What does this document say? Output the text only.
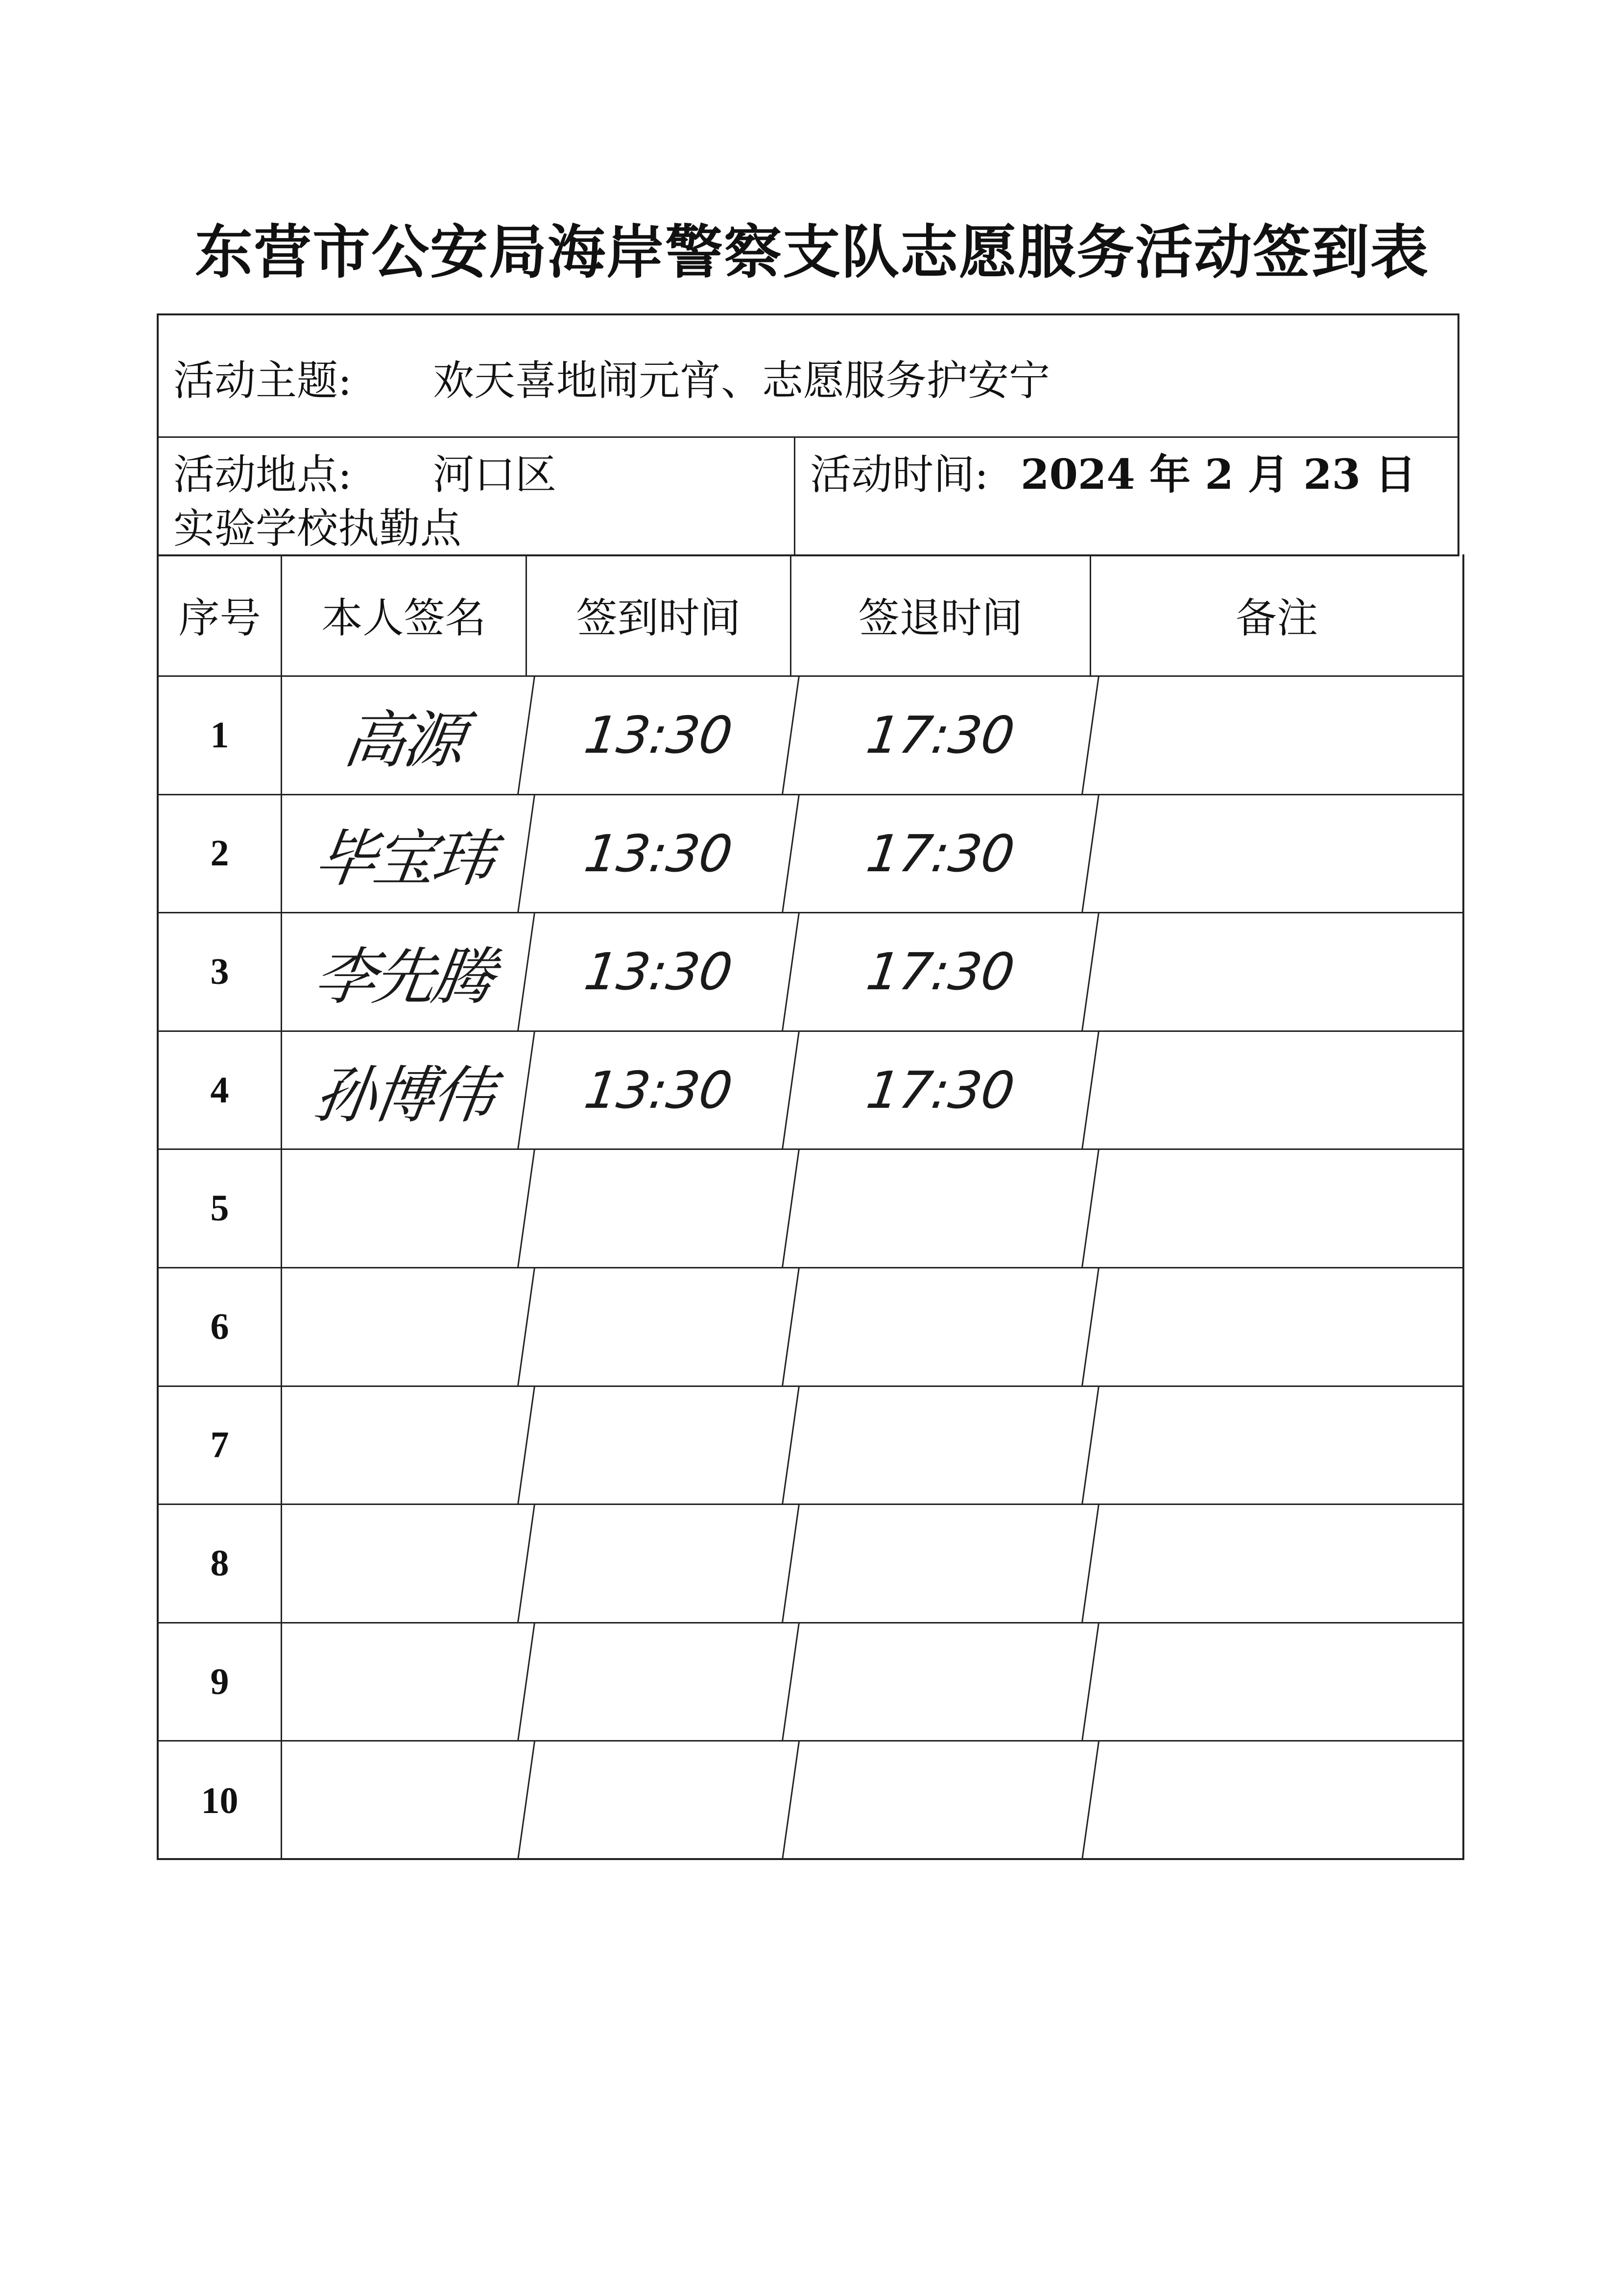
东营市公安局海岸警察支队志愿服务活动签到表
活动主题: 欢天喜地闹元宵、志愿服务护安宁
活动地点: 河口区
实验学校执勤点
活动时间: 2024 年 2 月 23 日
序号	本人签名	签到时间	签退时间	备注
1	高源	13:30	17:30
2	毕宝玮	13:30	17:30
3	李先腾	13:30	17:30
4	孙博伟	13:30	17:30
5
6
7
8
9
10
